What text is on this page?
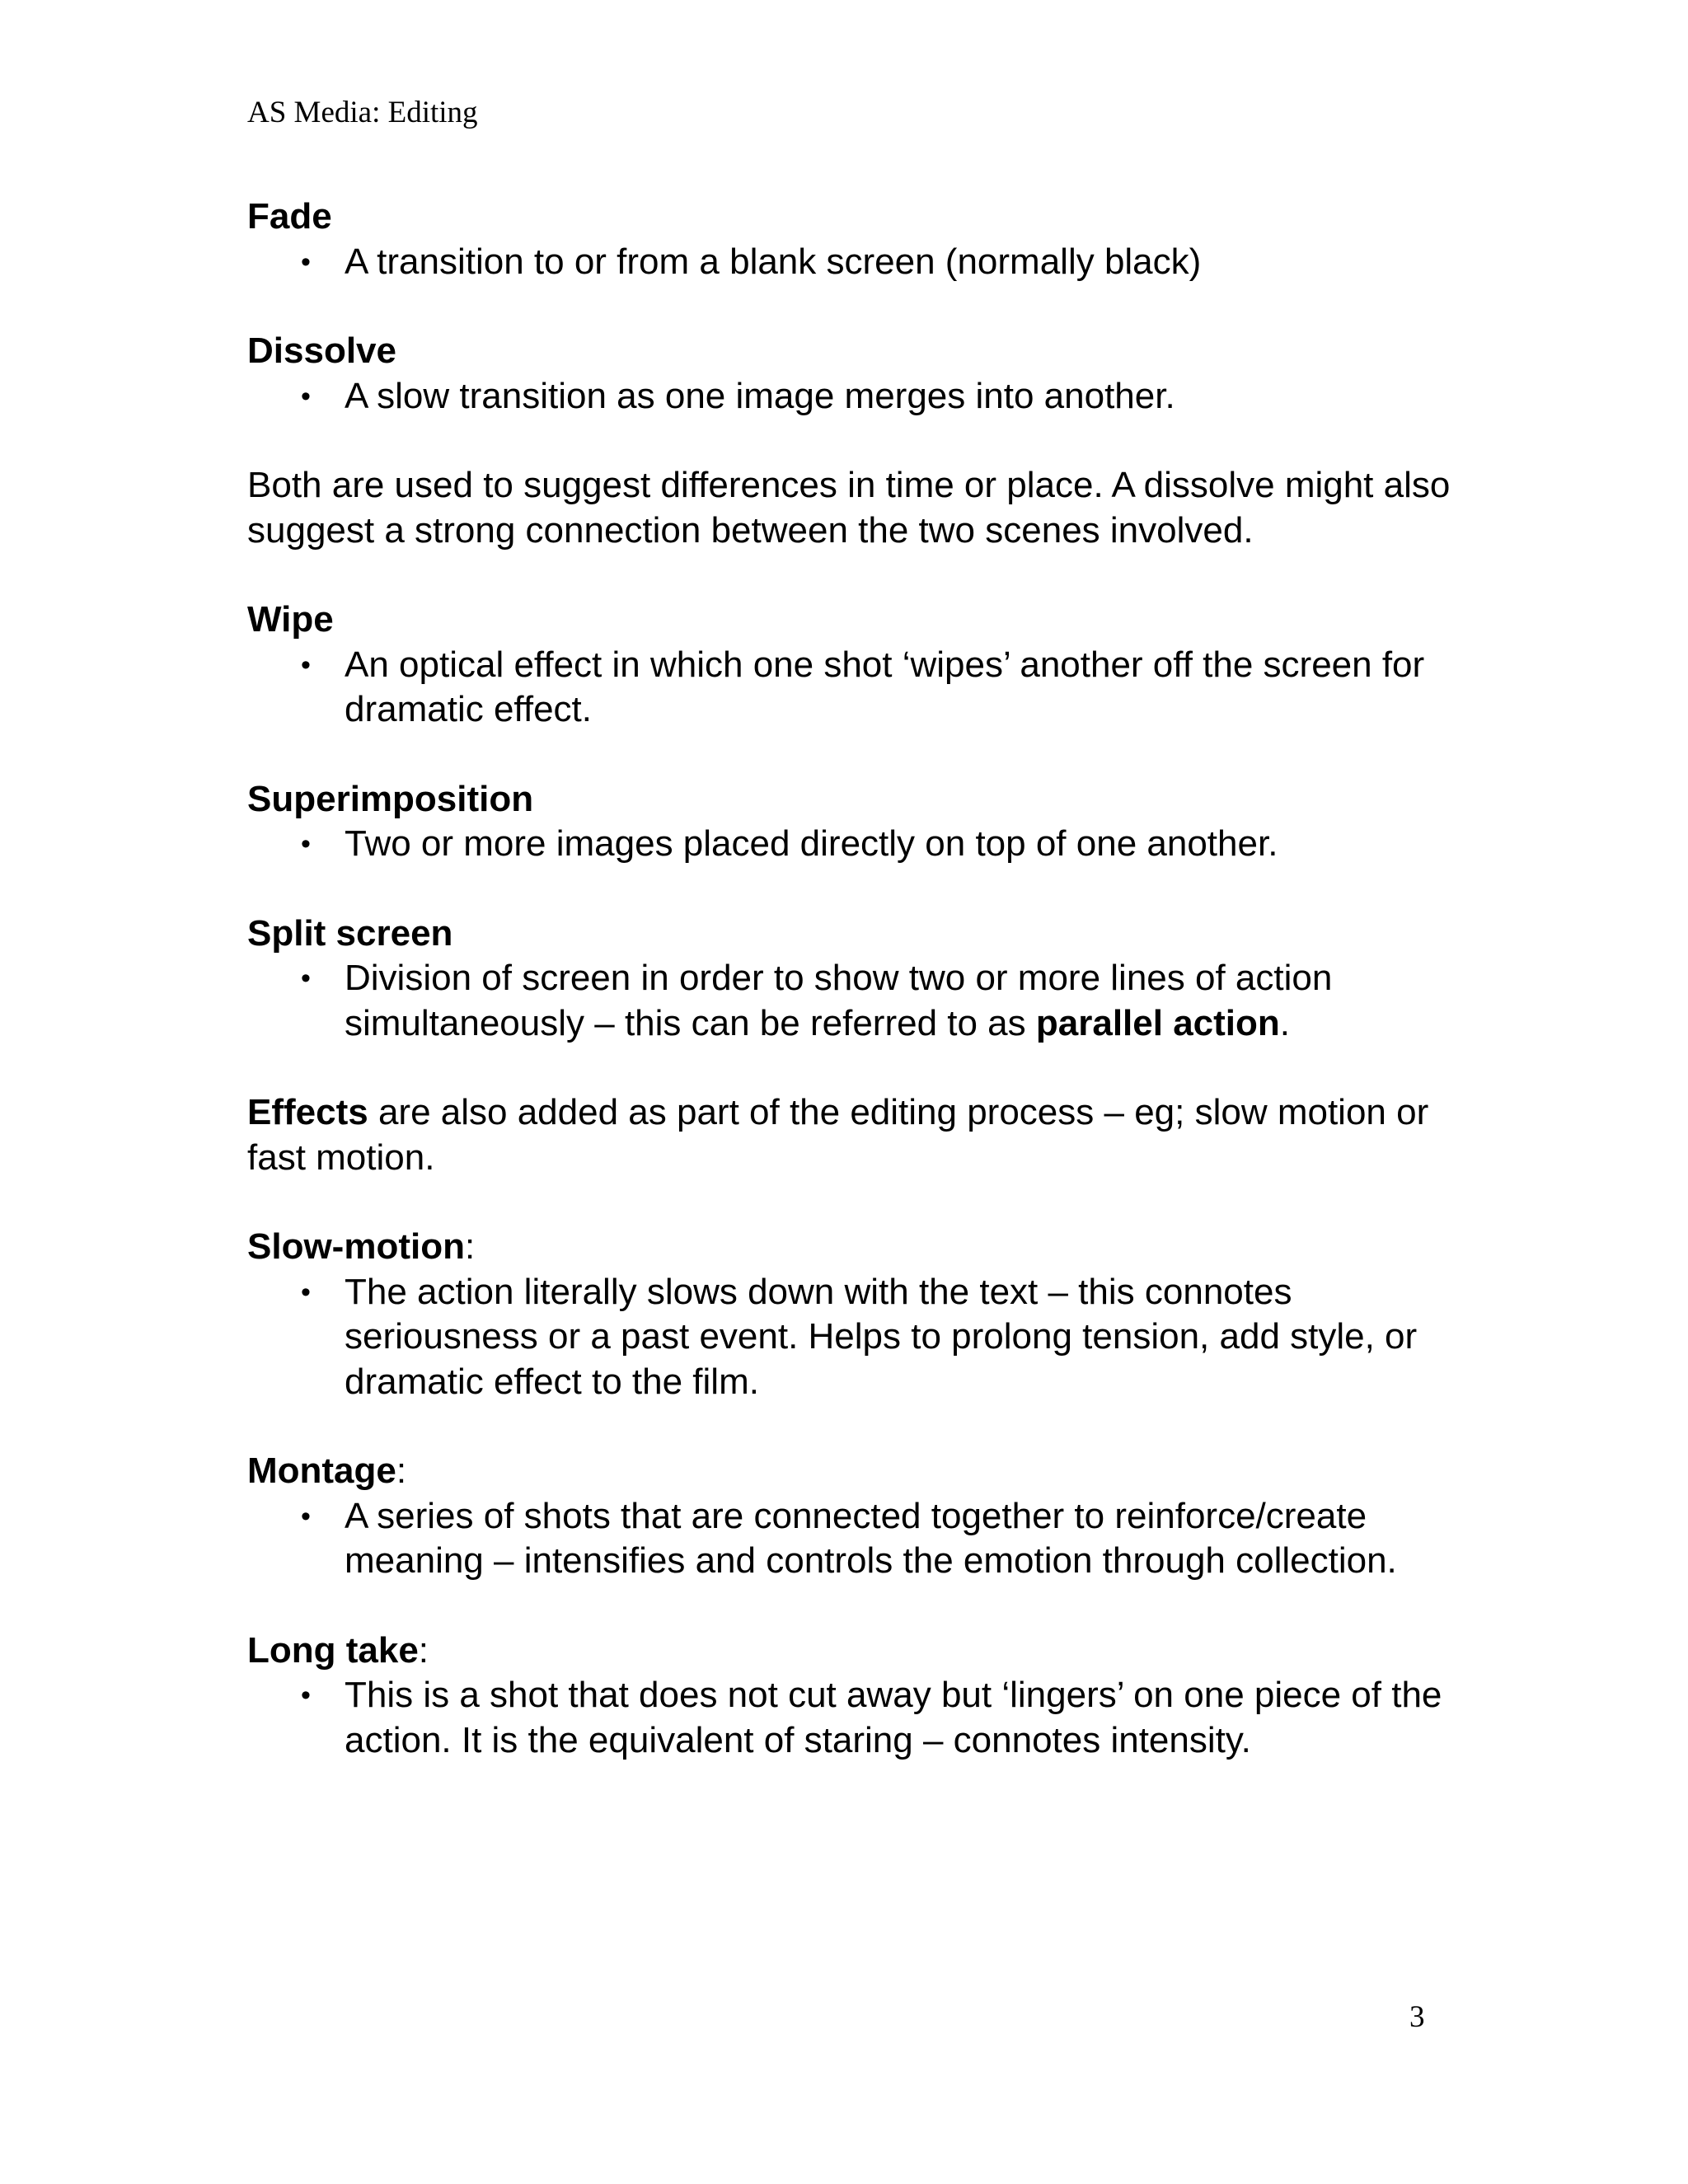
AS Media: Editing
Fade
• A transition to or from a blank screen (normally black)
Dissolve
• A slow transition as one image merges into another.

Both are used to suggest differences in time or place. A dissolve might also suggest a strong connection between the two scenes involved.

Wipe
• An optical effect in which one shot ‘wipes’ another off the screen for dramatic effect.
Superimposition
• Two or more images placed directly on top of one another.
Split screen
• Division of screen in order to show two or more lines of action simultaneously – this can be referred to as parallel action.

Effects are also added as part of the editing process – eg; slow motion or fast motion.

Slow-motion:
• The action literally slows down with the text – this connotes seriousness or a past event. Helps to prolong tension, add style, or dramatic effect to the film.
Montage:
• A series of shots that are connected together to reinforce/create meaning – intensifies and controls the emotion through collection.
Long take:
• This is a shot that does not cut away but ‘lingers’ on one piece of the action. It is the equivalent of staring – connotes intensity.
3
